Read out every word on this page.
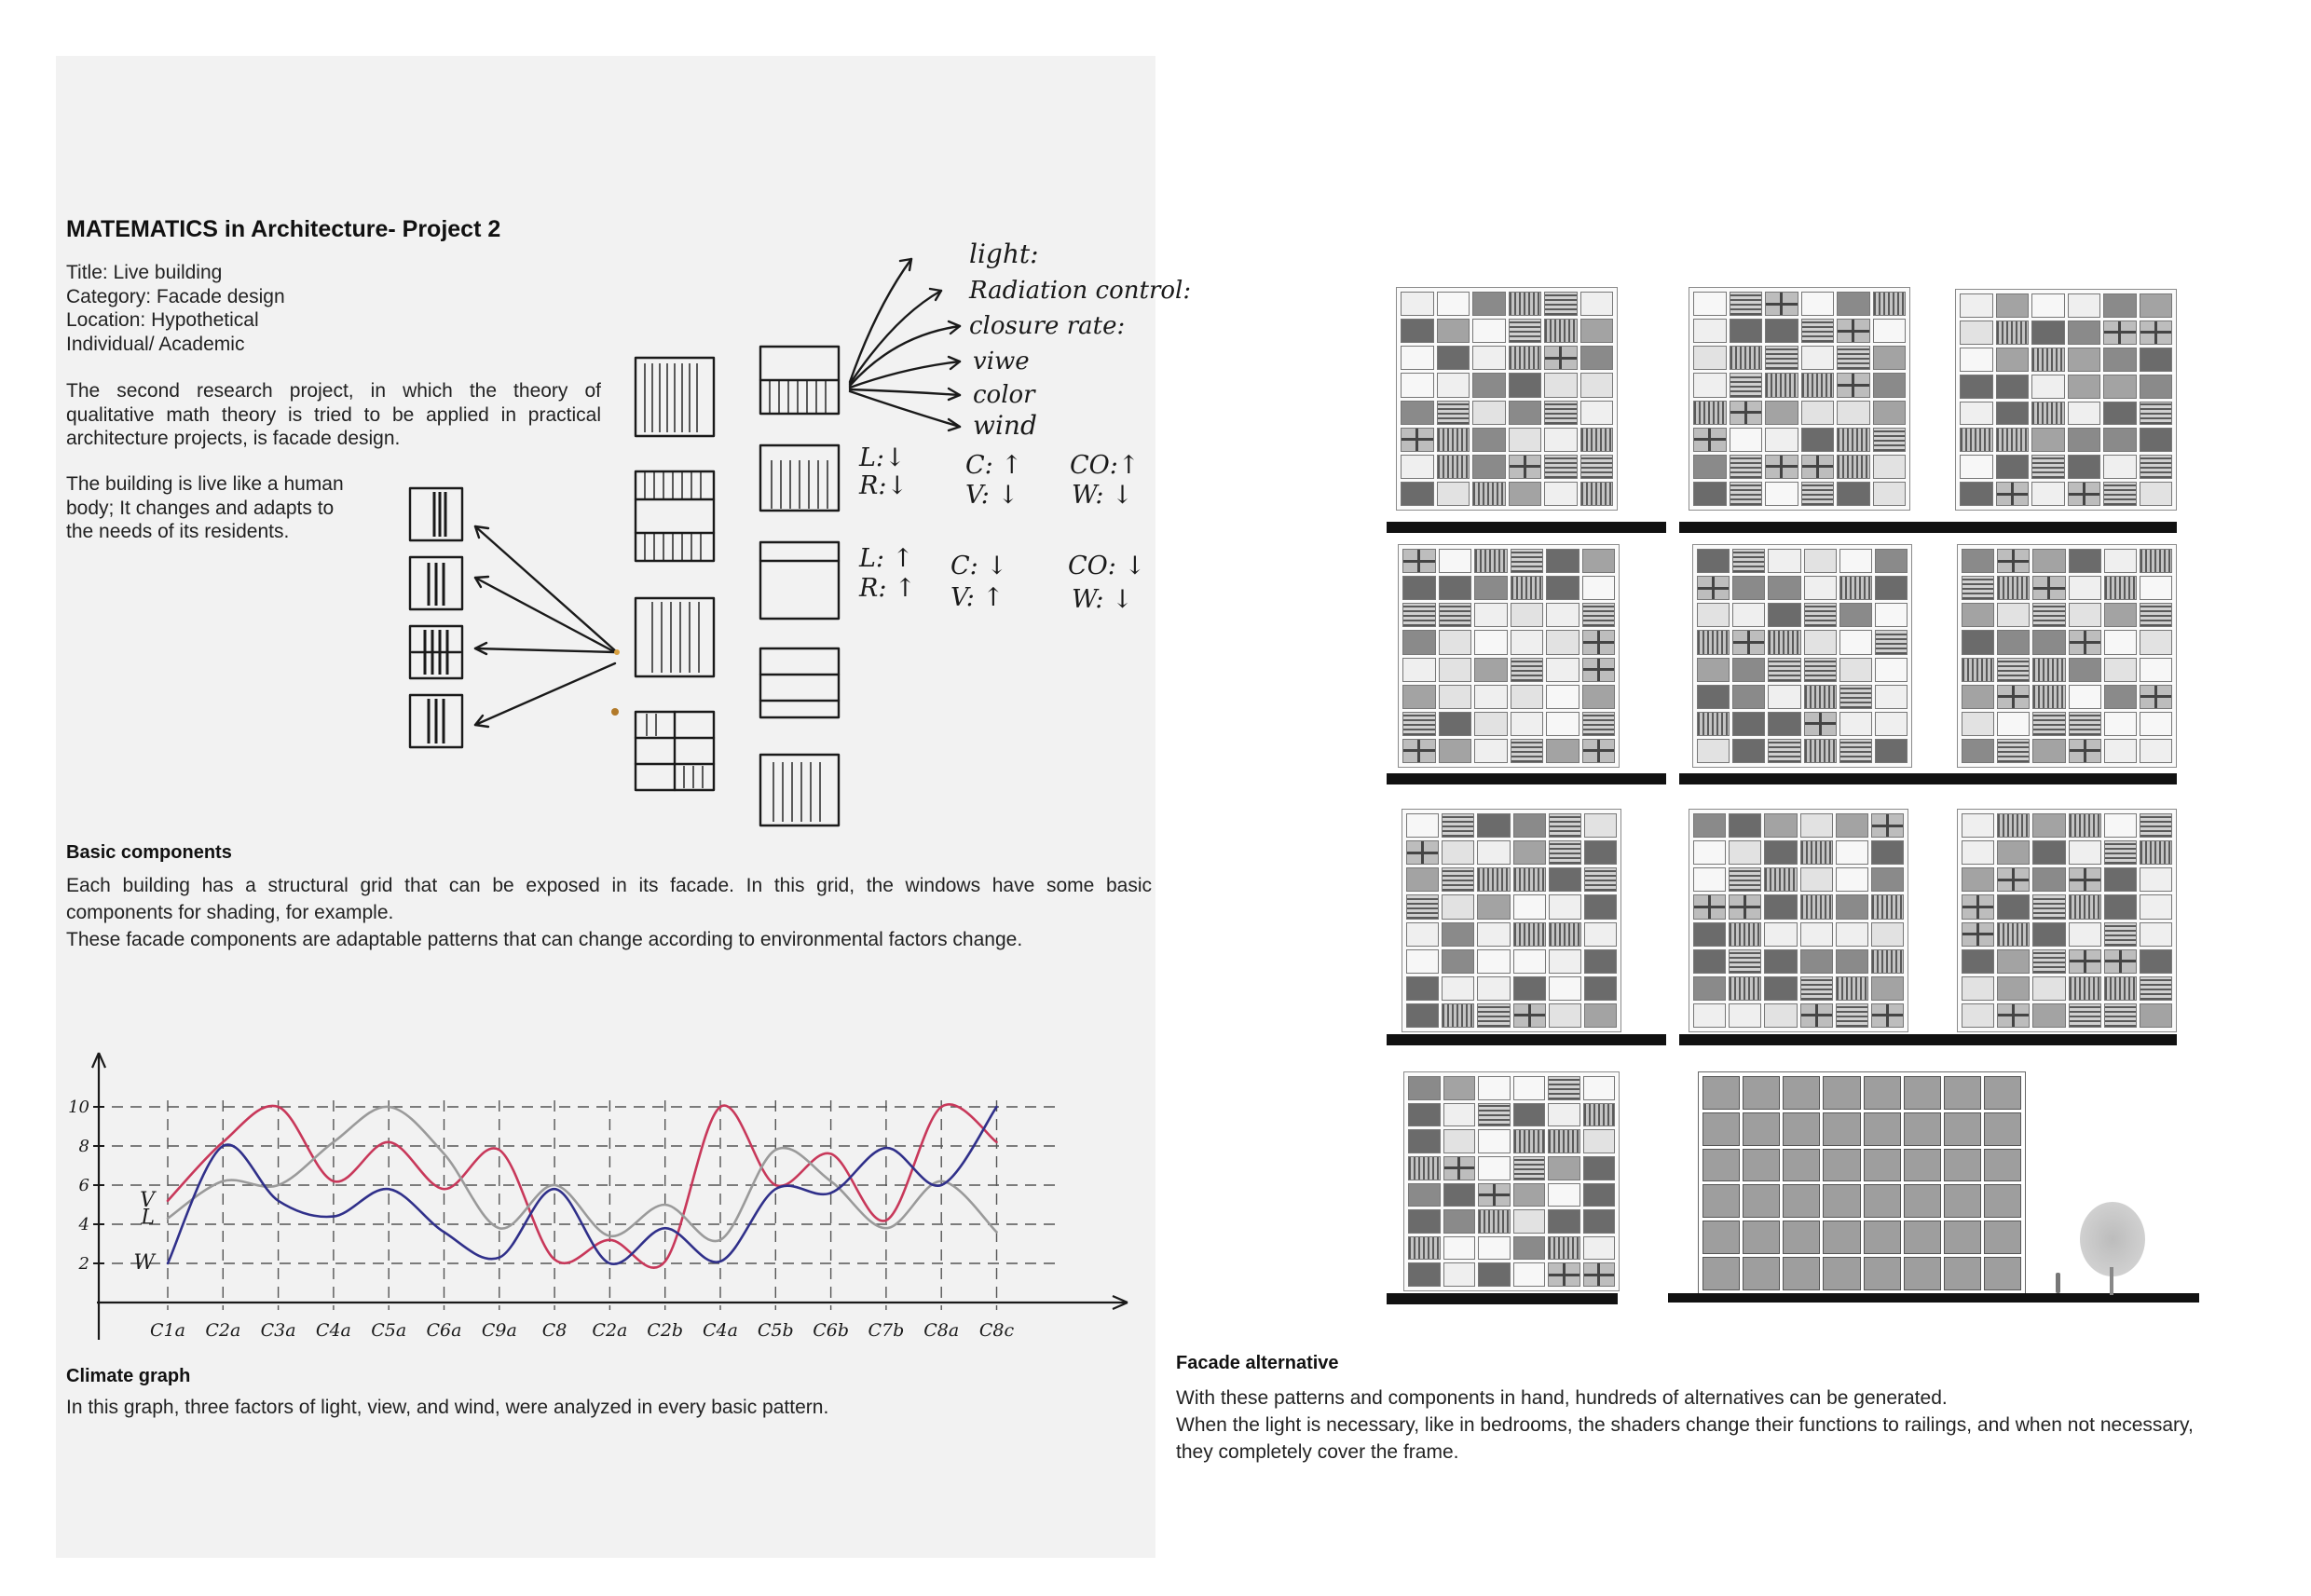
MATEMATICS in Architecture- Project 2
Title: Live building
Category: Facade design
Location: Hypothetical
Individual/ Academic
The second research project, in which the theory of
qualitative math theory is tried to be applied in practical
architecture projects, is facade design.
The building is live like a human
body; It changes and adapts to
the needs of its residents.
light:
Radiation control:
closure rate:
viwe
color
wind
L:↓
R:↓
C: ↑
V: ↓
CO:↑
W: ↓
L: ↑
R: ↑
C: ↓
V: ↑
CO: ↓
W: ↓
Basic components
Each building has a structural grid that can be exposed in its facade. In this grid, the windows have some basic
components for shading, for example.
These facade components are adaptable patterns that can change according to environmental factors change.
2
4
6
8
10
C1a C2a C3a C4a C5a C6a C9a C8 C2a C2b C4a C5b C6b C7b C8a C8c
V
L
W
Climate graph
In this graph, three factors of light, view, and wind, were analyzed in every basic pattern.
Facade alternative
With these patterns and components in hand, hundreds of alternatives can be generated.
When the light is necessary, like in bedrooms, the shaders change their functions to railings, and when not necessary,
they completely cover the frame.
